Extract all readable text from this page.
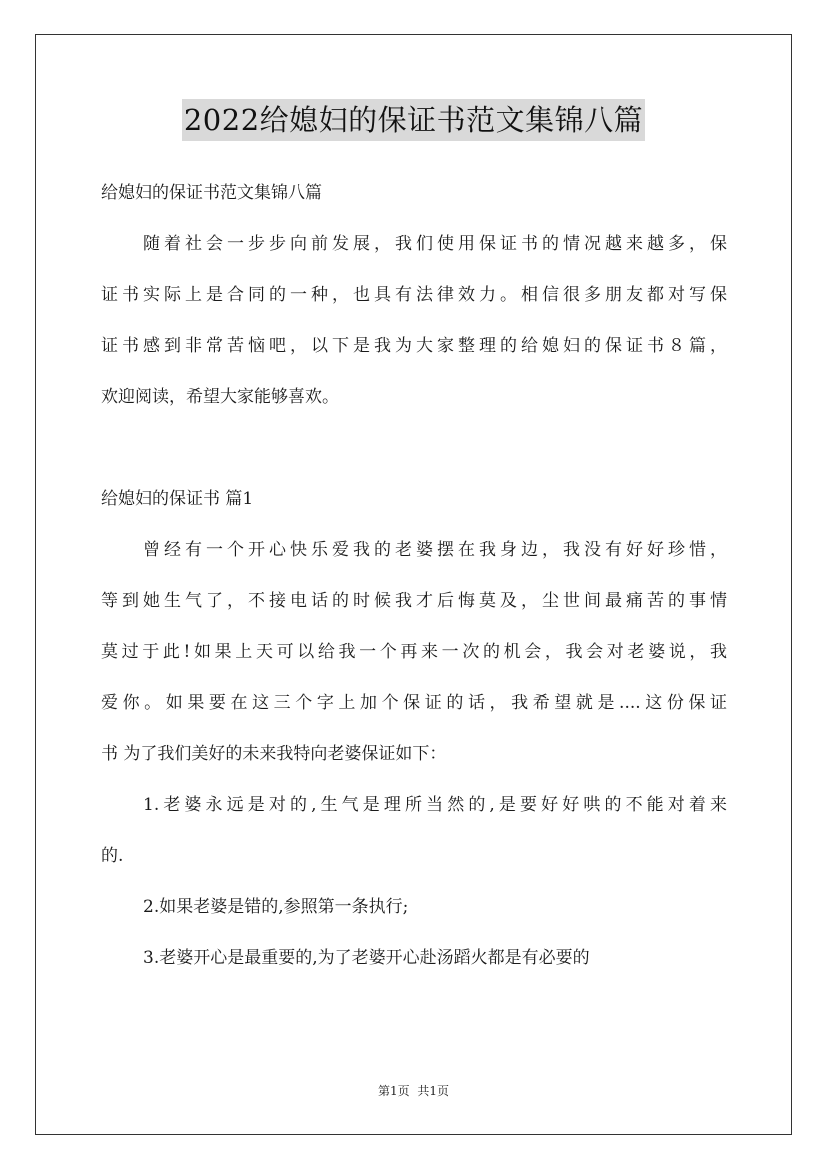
2022给媳妇的保证书范文集锦八篇
给媳妇的保证书范文集锦八篇
随着社会一步步向前发展，我们使用保证书的情况越来越多，保
证书实际上是合同的一种，也具有法律效力。相信很多朋友都对写保
证书感到非常苦恼吧，以下是我为大家整理的给媳妇的保证书８篇，
欢迎阅读，希望大家能够喜欢。
给媳妇的保证书 篇1
曾经有一个开心快乐爱我的老婆摆在我身边，我没有好好珍惜，
等到她生气了，不接电话的时候我才后悔莫及，尘世间最痛苦的事情
莫过于此!如果上天可以给我一个再来一次的机会，我会对老婆说，我
爱你。如果要在这三个字上加个保证的话，我希望就是....这份保证
书 为了我们美好的未来我特向老婆保证如下：
1.老婆永远是对的,生气是理所当然的,是要好好哄的不能对着来
的.
2.如果老婆是错的,参照第一条执行;
3.老婆开心是最重要的,为了老婆开心赴汤蹈火都是有必要的
第1页 共1页
